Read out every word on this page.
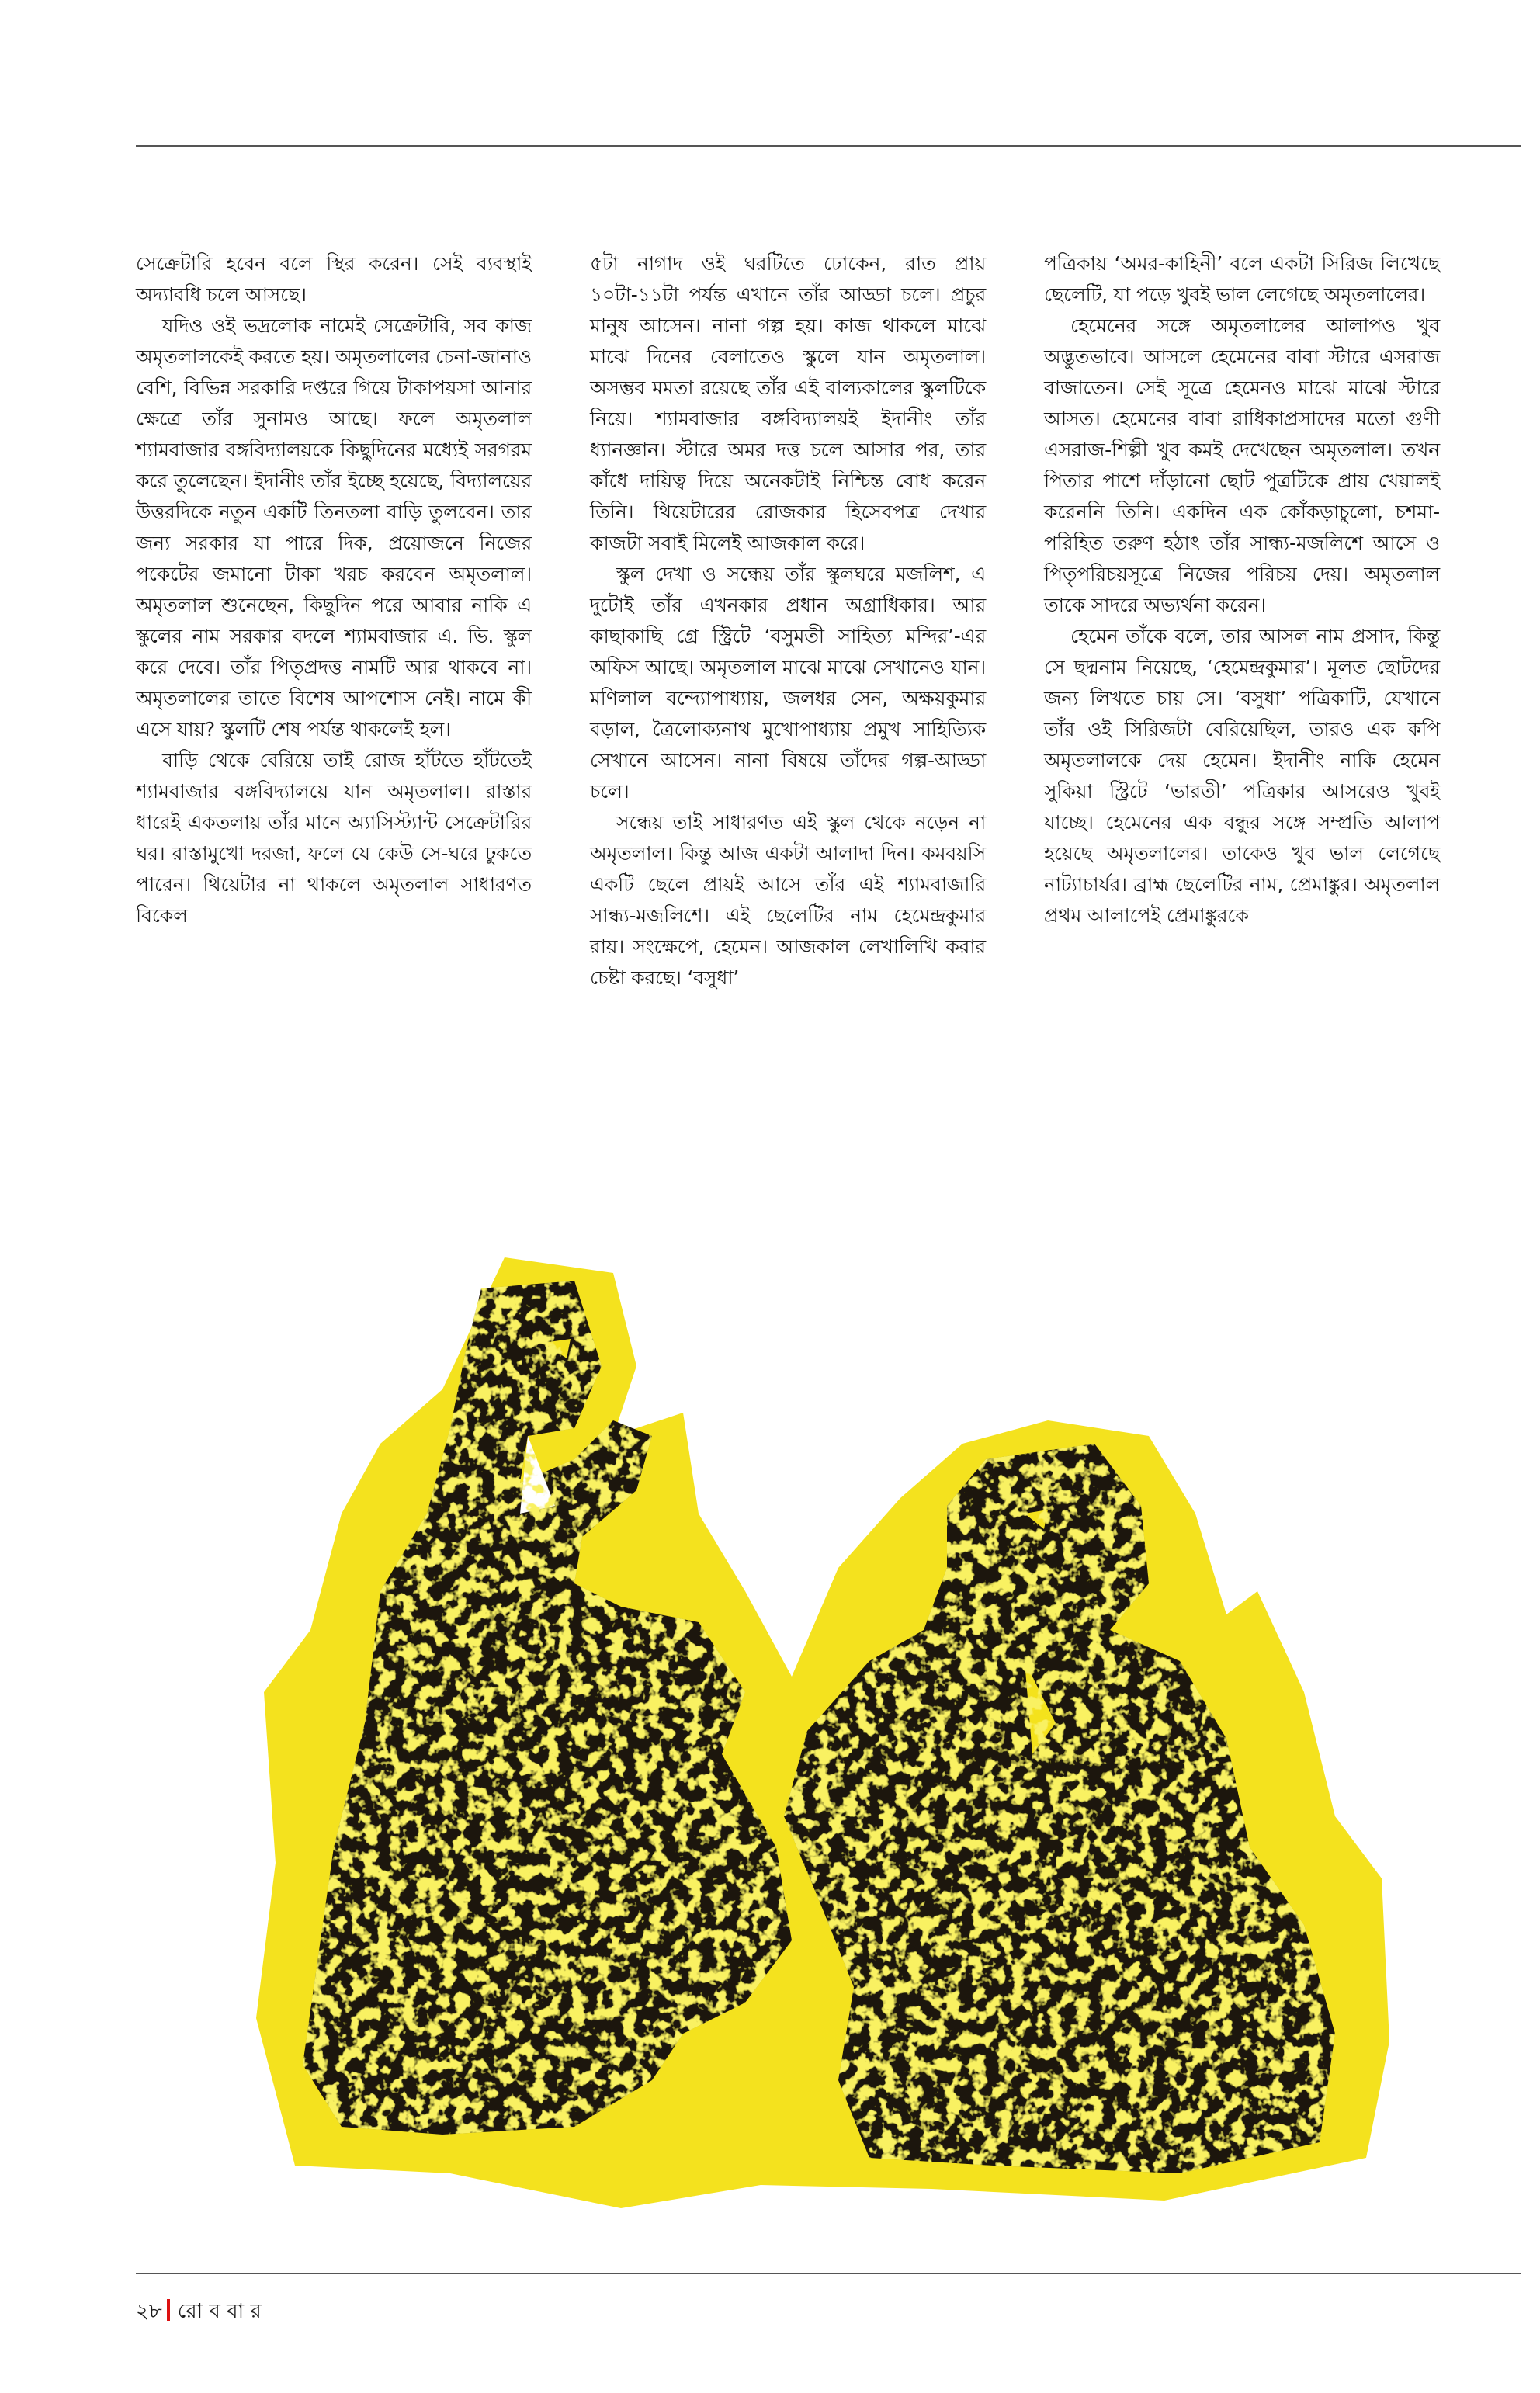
সেক্রেটারি হবেন বলে স্থির করেন। সেই ব্যবস্থাই অদ্যাবধি চলে আসছে।

যদিও ওই ভদ্রলোক নামেই সেক্রেটারি, সব কাজ অমৃতলালকেই করতে হয়। অমৃতলালের চেনা-জানাও বেশি, বিভিন্ন সরকারি দপ্তরে গিয়ে টাকাপয়সা আনার ক্ষেত্রে তাঁর সুনামও আছে। ফলে অমৃতলাল শ্যামবাজার বঙ্গবিদ্যালয়কে কিছুদিনের মধ্যেই সরগরম করে তুলেছেন। ইদানীং তাঁর ইচ্ছে হয়েছে, বিদ্যালয়ের উত্তরদিকে নতুন একটি তিনতলা বাড়ি তুলবেন। তার জন্য সরকার যা পারে দিক, প্রয়োজনে নিজের পকেটের জমানো টাকা খরচ করবেন অমৃতলাল। অমৃতলাল শুনেছেন, কিছুদিন পরে আবার নাকি এ স্কুলের নাম সরকার বদলে শ্যামবাজার এ. ভি. স্কুল করে দেবে। তাঁর পিতৃপ্রদত্ত নামটি আর থাকবে না। অমৃতলালের তাতে বিশেষ আপশোস নেই। নামে কী এসে যায়? স্কুলটি শেষ পর্যন্ত থাকলেই হল।

বাড়ি থেকে বেরিয়ে তাই রোজ হাঁটতে হাঁটতেই শ্যামবাজার বঙ্গবিদ্যালয়ে যান অমৃতলাল। রাস্তার ধারেই একতলায় তাঁর মানে অ্যাসিস্ট্যান্ট সেক্রেটারির ঘর। রাস্তামুখো দরজা, ফলে যে কেউ সে-ঘরে ঢুকতে পারেন। থিয়েটার না থাকলে অমৃতলাল সাধারণত বিকেল

৫টা নাগাদ ওই ঘরটিতে ঢোকেন, রাত প্রায় ১০টা-১১টা পর্যন্ত এখানে তাঁর আড্ডা চলে। প্রচুর মানুষ আসেন। নানা গল্প হয়। কাজ থাকলে মাঝে মাঝে দিনের বেলাতেও স্কুলে যান অমৃতলাল। অসম্ভব মমতা রয়েছে তাঁর এই বাল্যকালের স্কুলটিকে নিয়ে। শ্যামবাজার বঙ্গবিদ্যালয়ই ইদানীং তাঁর ধ্যানজ্ঞান। স্টারে অমর দত্ত চলে আসার পর, তার কাঁধে দায়িত্ব দিয়ে অনেকটাই নিশ্চিন্ত বোধ করেন তিনি। থিয়েটারের রোজকার হিসেবপত্র দেখার কাজটা সবাই মিলেই আজকাল করে।

স্কুল দেখা ও সন্ধেয় তাঁর স্কুলঘরে মজলিশ, এ দুটোই তাঁর এখনকার প্রধান অগ্রাধিকার। আর কাছাকাছি গ্রে স্ট্রিটে ‘বসুমতী সাহিত্য মন্দির’-এর অফিস আছে। অমৃতলাল মাঝে মাঝে সেখানেও যান। মণিলাল বন্দ্যোপাধ্যায়, জলধর সেন, অক্ষয়কুমার বড়াল, ত্রৈলোক্যনাথ মুখোপাধ্যায় প্রমুখ সাহিত্যিক সেখানে আসেন। নানা বিষয়ে তাঁদের গল্প-আড্ডা চলে।

সন্ধেয় তাই সাধারণত এই স্কুল থেকে নড়েন না অমৃতলাল। কিন্তু আজ একটা আলাদা দিন। কমবয়সি একটি ছেলে প্রায়ই আসে তাঁর এই শ্যামবাজারি সান্ধ্য-মজলিশে। এই ছেলেটির নাম হেমেন্দ্রকুমার রায়। সংক্ষেপে, হেমেন। আজকাল লেখালিখি করার চেষ্টা করছে। ‘বসুধা’

পত্রিকায় ‘অমর-কাহিনী’ বলে একটা সিরিজ লিখেছে ছেলেটি, যা পড়ে খুবই ভাল লেগেছে অমৃতলালের।

হেমেনের সঙ্গে অমৃতলালের আলাপও খুব অদ্ভুতভাবে। আসলে হেমেনের বাবা স্টারে এসরাজ বাজাতেন। সেই সূত্রে হেমেনও মাঝে মাঝে স্টারে আসত। হেমেনের বাবা রাধিকাপ্রসাদের মতো গুণী এসরাজ-শিল্পী খুব কমই দেখেছেন অমৃতলাল। তখন পিতার পাশে দাঁড়ানো ছোট পুত্রটিকে প্রায় খেয়ালই করেননি তিনি। একদিন এক কোঁকড়াচুলো, চশমা-পরিহিত তরুণ হঠাৎ তাঁর সান্ধ্য-মজলিশে আসে ও পিতৃপরিচয়সূত্রে নিজের পরিচয় দেয়। অমৃতলাল তাকে সাদরে অভ্যর্থনা করেন।

হেমেন তাঁকে বলে, তার আসল নাম প্রসাদ, কিন্তু সে ছদ্মনাম নিয়েছে, ‘হেমেন্দ্রকুমার’। মূলত ছোটদের জন্য লিখতে চায় সে। ‘বসুধা’ পত্রিকাটি, যেখানে তাঁর ওই সিরিজটা বেরিয়েছিল, তারও এক কপি অমৃতলালকে দেয় হেমেন। ইদানীং নাকি হেমেন সুকিয়া স্ট্রিটে ‘ভারতী’ পত্রিকার আসরেও খুবই যাচ্ছে। হেমেনের এক বন্ধুর সঙ্গে সম্প্রতি আলাপ হয়েছে অমৃতলালের। তাকেও খুব ভাল লেগেছে নাট্যাচার্যর। ব্রাহ্ম ছেলেটির নাম, প্রেমাঙ্কুর। অমৃতলাল প্রথম আলাপেই প্রেমাঙ্কুরকে

২৮ রো ব বা র
